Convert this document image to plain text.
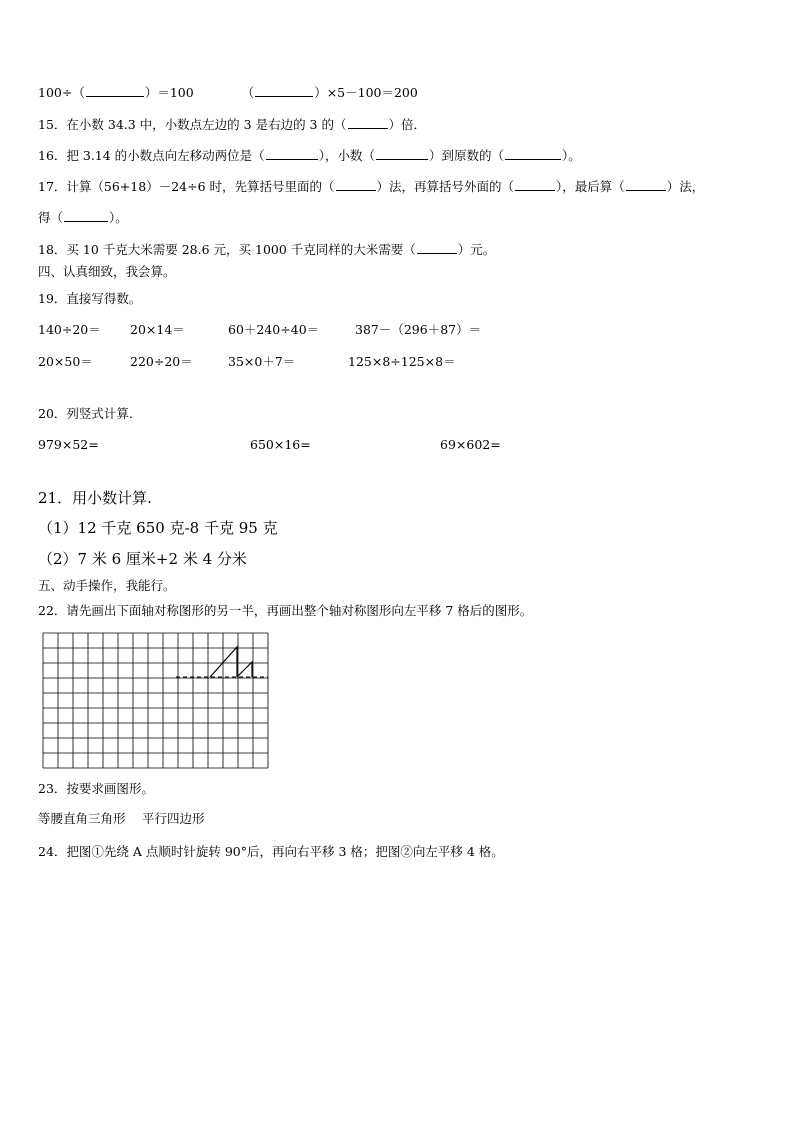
100÷（	）＝100	（	）×5－100＝200
15．在小数 34.3 中，小数点左边的 3 是右边的 3 的（	）倍．
16．把 3.14 的小数点向左移动两位是（	），小数（	）到原数的（	）。
17．计算（56+18）－24÷6 时，先算括号里面的（	）法，再算括号外面的（	），最后算（	）法，
得（	）。
18．买 10 千克大米需要 28.6 元，买 1000 千克同样的大米需要（	）元。
四、认真细致，我会算。
19．直接写得数。
140÷20＝ 20×14＝	60＋240÷40＝	387－（296＋87）＝
20×50＝	220÷20＝	35×0＋7＝	125×8÷125×8＝
20．列竖式计算.
979×52=	650×16=	69×602=
21．用小数计算.
（1）12 千克 650 克-8 千克 95 克
（2）7 米 6 厘米+2 米 4 分米
五、动手操作，我能行。
22．请先画出下面轴对称图形的另一半，再画出整个轴对称图形向左平移 7 格后的图形。
23．按要求画图形。
等腰直角三角形　 平行四边形
24．把图①先绕 A 点顺时针旋转 90°后，再向右平移 3 格；把图②向左平移 4 格。
